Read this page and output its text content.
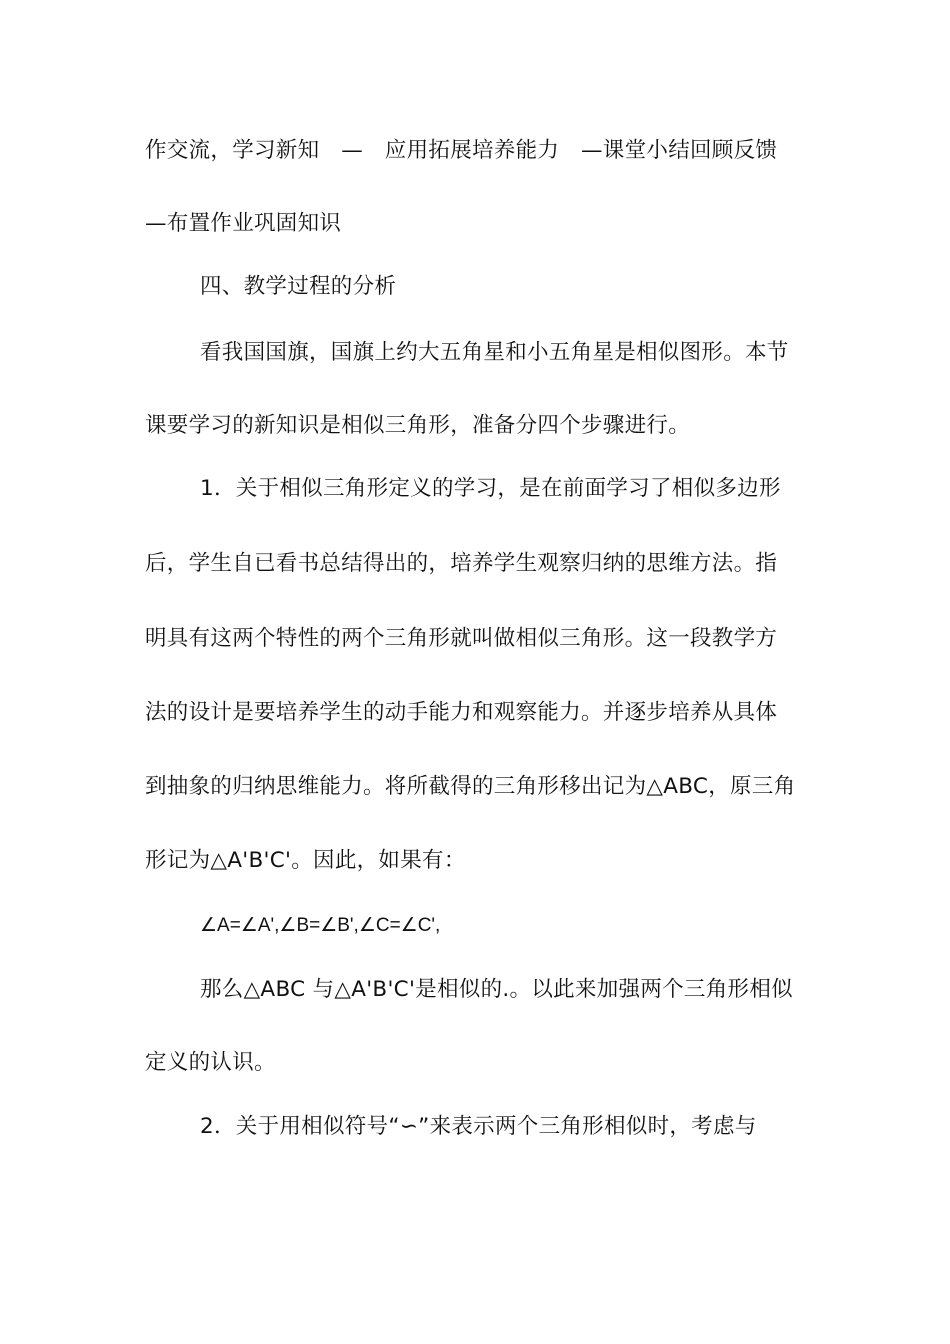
作交流，学习新知　—　应用拓展培养能力　—课堂小结回顾反馈
—布置作业巩固知识
四、教学过程的分析
看我国国旗，国旗上约大五角星和小五角星是相似图形。本节
课要学习的新知识是相似三角形，准备分四个步骤进行。
1．关于相似三角形定义的学习，是在前面学习了相似多边形
后，学生自已看书总结得出的，培养学生观察归纳的思维方法。指
明具有这两个特性的两个三角形就叫做相似三角形。这一段教学方
法的设计是要培养学生的动手能力和观察能力。并逐步培养从具体
到抽象的归纳思维能力。将所截得的三角形移出记为△ABC，原三角
形记为△A'B'C'。因此，如果有：
∠A=∠A',∠B=∠B',∠C=∠C',
那么△ABC 与△A'B'C'是相似的.。以此来加强两个三角形相似
定义的认识。
2．关于用相似符号“∽”来表示两个三角形相似时，考虑与
